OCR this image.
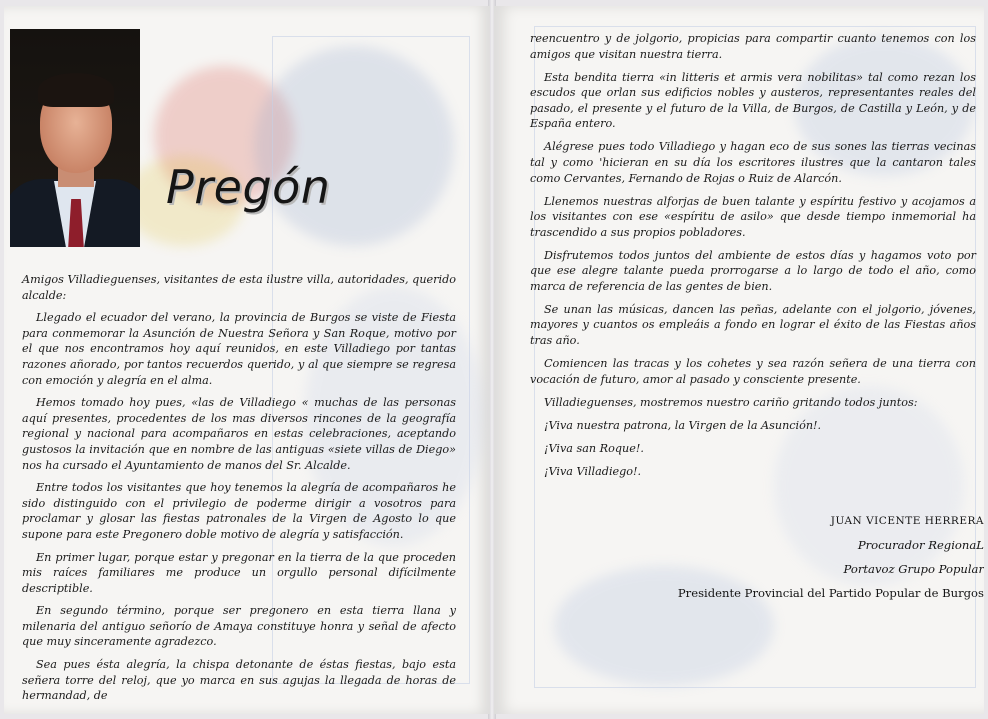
Pregón

Amigos Villadieguenses, visitantes de esta ilustre villa, autoridades, querido alcalde:

Llegado el ecuador del verano, la provincia de Burgos se viste de Fiesta para conmemorar la Asunción de Nuestra Señora y San Roque, motivo por el que nos encontramos hoy aquí reunidos, en este Villadiego por tantas razones añorado, por tantos recuerdos querido, y al que siempre se regresa con emoción y alegría en el alma.

Hemos tomado hoy pues, «las de Villadiego « muchas de las personas aquí presentes, procedentes de los mas diversos rincones de la geografía regional y nacional para acompañaros en estas celebraciones, aceptando gustosos la invitación que en nombre de las antiguas «siete villas de Diego» nos ha cursado el Ayuntamiento de manos del Sr. Alcalde.

Entre todos los visitantes que hoy tenemos la alegría de acompañaros he sido distinguido con el privilegio de poderme dirigir a vosotros para proclamar y glosar las fiestas patronales de la Virgen de Agosto lo que supone para este Pregonero doble motivo de alegría y satisfacción.

En primer lugar, porque estar y pregonar en la tierra de la que proceden mis raíces familiares me produce un orgullo personal difícilmente descriptible.

En segundo término, porque ser pregonero en esta tierra llana y milenaria del antiguo señorío de Amaya constituye honra y señal de afecto que muy sinceramente agradezco.

Sea pues ésta alegría, la chispa detonante de éstas fiestas, bajo esta señera torre del reloj, que yo marca en sus agujas la llegada de horas de hermandad, de

reencuentro y de jolgorio, propicias para compartir cuanto tenemos con los amigos que visitan nuestra tierra.

Esta bendita tierra «in litteris et armis vera nobilitas» tal como rezan los escudos que orlan sus edificios nobles y austeros, representantes reales del pasado, el presente y el futuro de la Villa, de Burgos, de Castilla y León, y de España entero.

Alégrese pues todo Villadiego y hagan eco de sus sones las tierras vecinas tal y como 'hicieran en su día los escritores ilustres que la cantaron tales como Cervantes, Fernando de Rojas o Ruiz de Alarcón.

Llenemos nuestras alforjas de buen talante y espíritu festivo y acojamos a los visitantes con ese «espíritu de asilo» que desde tiempo inmemorial ha trascendido a sus propios pobladores.

Disfrutemos todos juntos del ambiente de estos días y hagamos voto por que ese alegre talante pueda prorrogarse a lo largo de todo el año, como marca de referencia de las gentes de bien.

Se unan las músicas, dancen las peñas, adelante con el jolgorio, jóvenes, mayores y cuantos os empleáis a fondo en lograr el éxito de las Fiestas años tras año.

Comiencen las tracas y los cohetes y sea razón señera de una tierra con vocación de futuro, amor al pasado y consciente presente.

Villadieguenses, mostremos nuestro cariño gritando todos juntos:

¡Viva nuestra patrona, la Virgen de la Asunción!.

¡Viva san Roque!.

¡Viva Villadiego!.

JUAN VICENTE HERRERA
Procurador RegionaL
Portavoz Grupo Popular
Presidente Provincial del Partido Popular de Burgos
